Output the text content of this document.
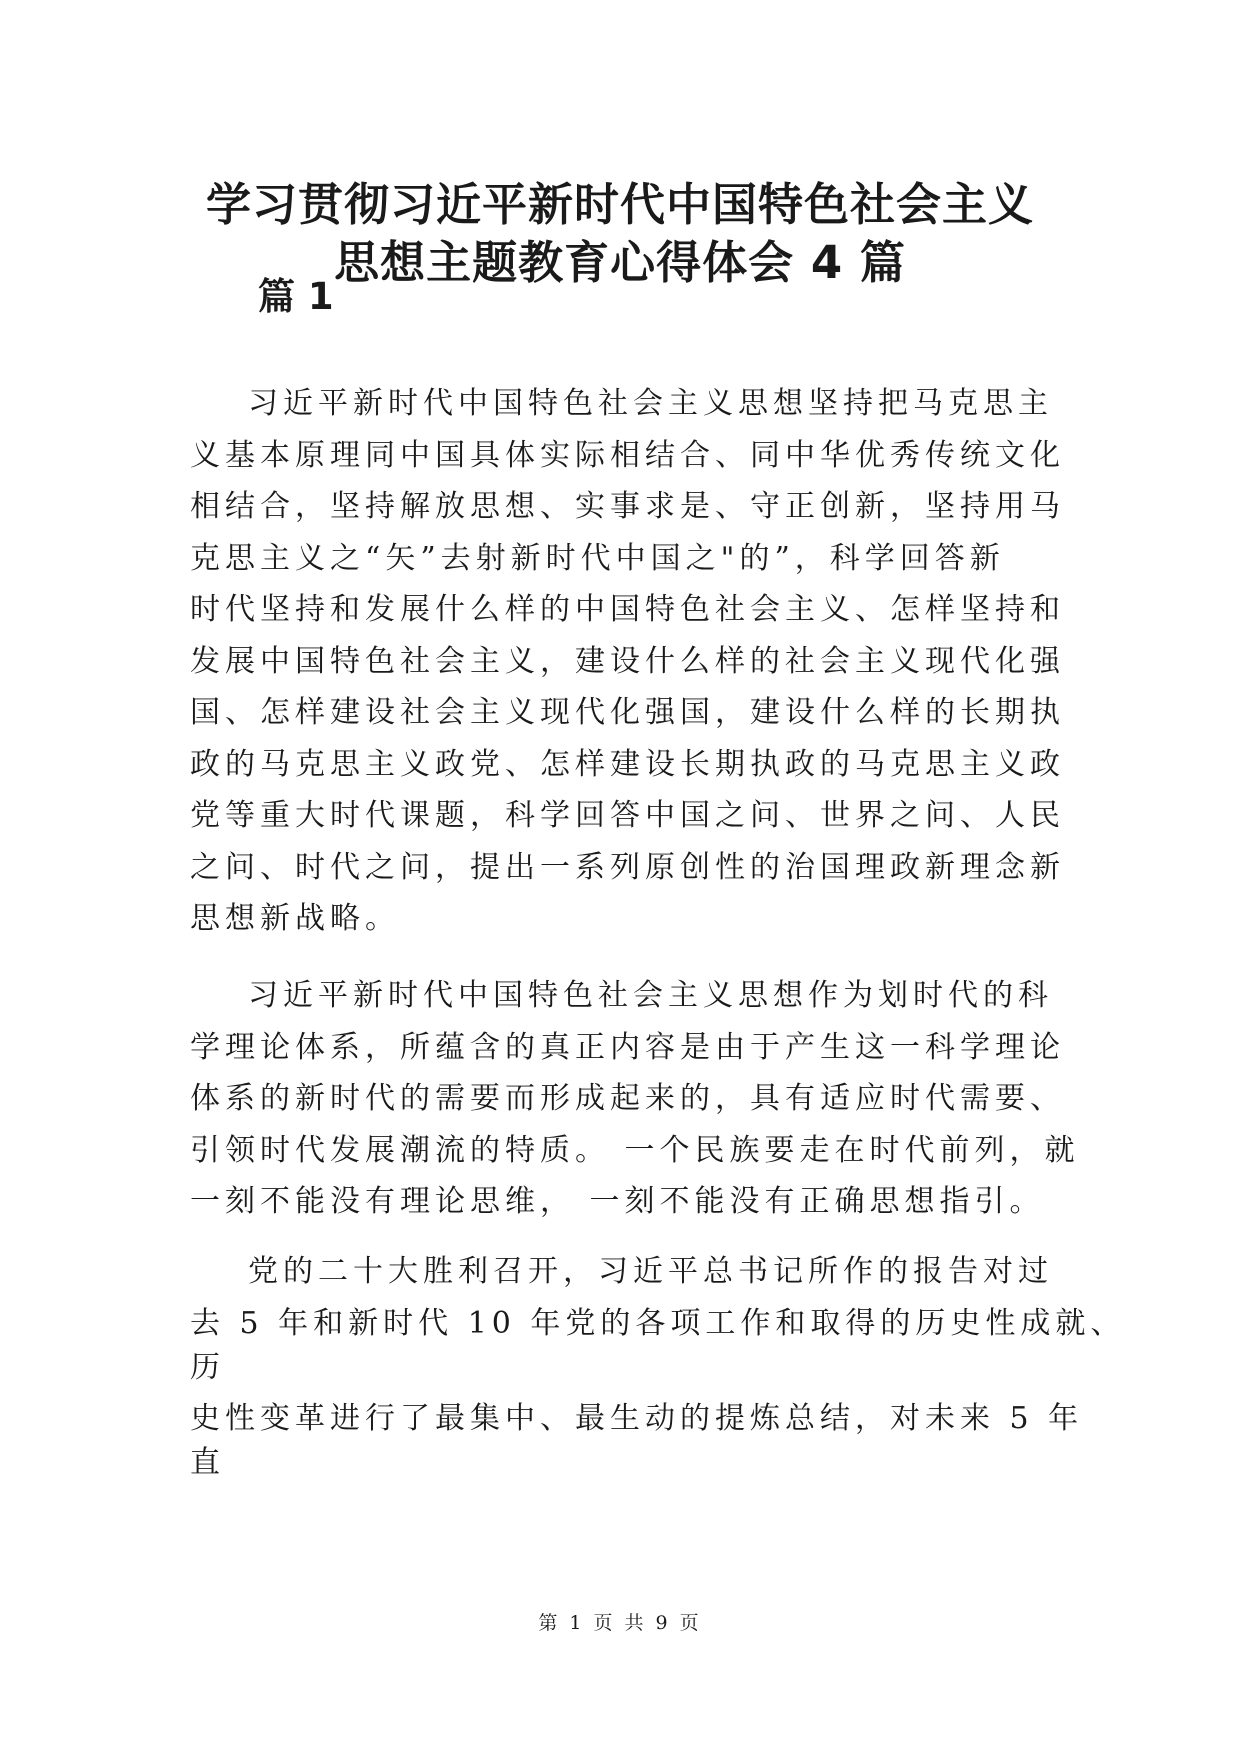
学习贯彻习近平新时代中国特色社会主义
思想主题教育心得体会 4 篇
篇 1
习近平新时代中国特色社会主义思想坚持把马克思主
义基本原理同中国具体实际相结合、同中华优秀传统文化
相结合，坚持解放思想、实事求是、守正创新，坚持用马
克思主义之“矢”去射新时代中国之"的”，科学回答新
时代坚持和发展什么样的中国特色社会主义、怎样坚持和
发展中国特色社会主义，建设什么样的社会主义现代化强
国、怎样建设社会主义现代化强国，建设什么样的长期执
政的马克思主义政党、怎样建设长期执政的马克思主义政
党等重大时代课题，科学回答中国之问、世界之问、人民
之问、时代之问，提出一系列原创性的治国理政新理念新
思想新战略。
习近平新时代中国特色社会主义思想作为划时代的科
学理论体系，所蕴含的真正内容是由于产生这一科学理论
体系的新时代的需要而形成起来的，具有适应时代需要、
引领时代发展潮流的特质。 一个民族要走在时代前列，就
一刻不能没有理论思维， 一刻不能没有正确思想指引。
党的二十大胜利召开，习近平总书记所作的报告对过
去 5 年和新时代 10 年党的各项工作和取得的历史性成就、
历
史性变革进行了最集中、最生动的提炼总结，对未来 5 年
直
第 1 页 共 9 页
